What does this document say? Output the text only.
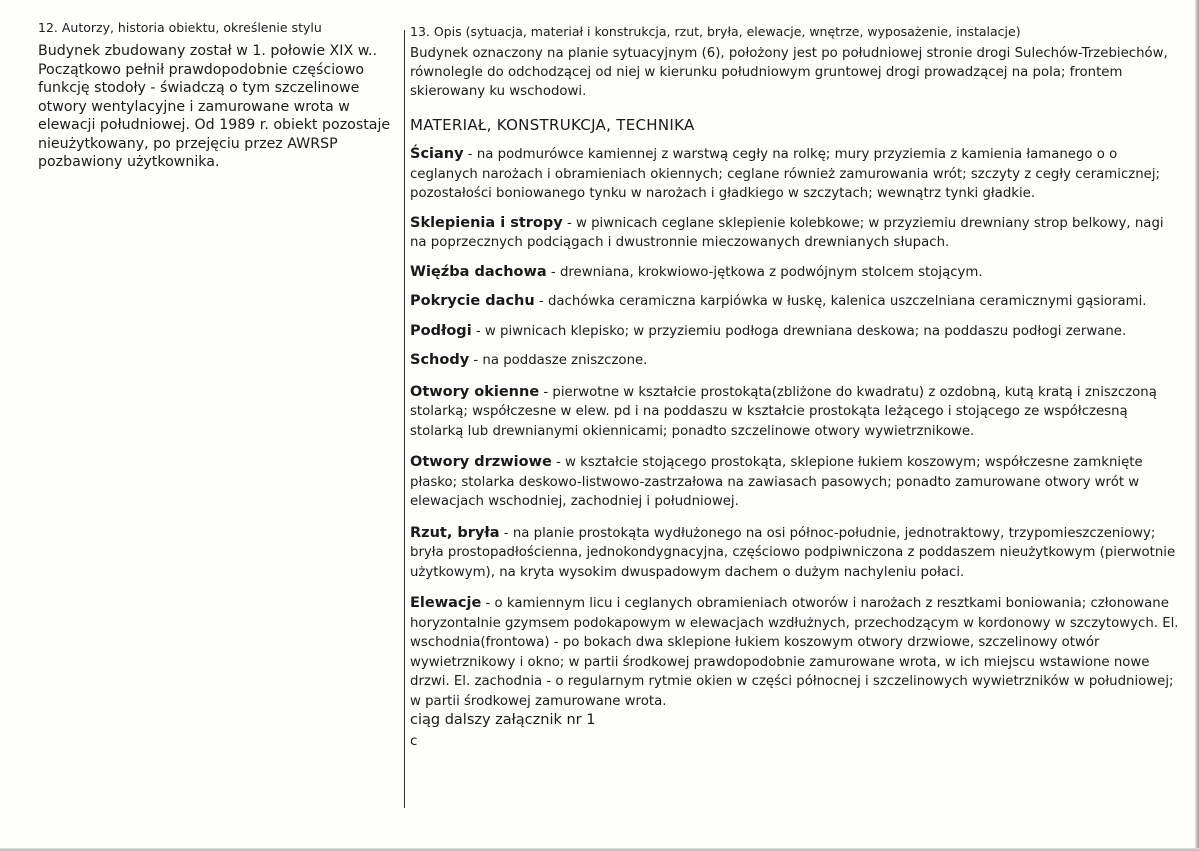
12. Autorzy, historia obiektu, określenie stylu

Budynek zbudowany został w 1. połowie XIX w.. Początkowo pełnił prawdopodobnie częściowo funkcję stodoły - świadczą o tym szczelinowe otwory wentylacyjne i zamurowane wrota w elewacji południowej. Od 1989 r. obiekt pozostaje nieużytkowany, po przejęciu przez AWRSP pozbawiony użytkownika.

13. Opis (sytuacja, materiał i konstrukcja, rzut, bryła, elewacje, wnętrze, wyposażenie, instalacje)

Budynek oznaczony na planie sytuacyjnym (6), położony jest po południowej stronie drogi Sulechów-Trzebiechów, równolegle do odchodzącej od niej w kierunku południowym gruntowej drogi prowadzącej na pola; frontem skierowany ku wschodowi.

MATERIAŁ, KONSTRUKCJA, TECHNIKA

Ściany - na podmurówce kamiennej z warstwą cegły na rolkę; mury przyziemia z kamienia łamanego o o ceglanych narożach i obramieniach okiennych; ceglane również zamurowania wrót; szczyty z cegły ceramicznej; pozostałości boniowanego tynku w narożach i gładkiego w szczytach; wewnątrz tynki gładkie.

Sklepienia i stropy - w piwnicach ceglane sklepienie kolebkowe; w przyziemiu drewniany strop belkowy, nagi na poprzecznych podciągach i dwustronnie mieczowanych drewnianych słupach.

Więźba dachowa - drewniana, krokwiowo-jętkowa z podwójnym stolcem stojącym.

Pokrycie dachu - dachówka ceramiczna karpiówka w łuskę, kalenica uszczelniana ceramicznymi gąsiorami.

Podłogi - w piwnicach klepisko; w przyziemiu podłoga drewniana deskowa; na poddaszu podłogi zerwane.

Schody - na poddasze zniszczone.

Otwory okienne - pierwotne w kształcie prostokąta(zbliżone do kwadratu) z ozdobną, kutą kratą i zniszczoną stolarką; współczesne w elew. pd i na poddaszu w kształcie prostokąta leżącego i stojącego ze współczesną stolarką lub drewnianymi okiennicami; ponadto szczelinowe otwory wywietrznikowe.

Otwory drzwiowe - w kształcie stojącego prostokąta, sklepione łukiem koszowym; współczesne zamknięte płasko; stolarka deskowo-listwowo-zastrzałowa na zawiasach pasowych; ponadto zamurowane otwory wrót w elewacjach wschodniej, zachodniej i południowej.

Rzut, bryła - na planie prostokąta wydłużonego na osi północ-południe, jednotraktowy, trzypomieszczeniowy; bryła prostopadłościenna, jednokondygnacyjna, częściowo podpiwniczona z poddaszem nieużytkowym (pierwotnie użytkowym), na kryta wysokim dwuspadowym dachem o dużym nachyleniu połaci.

Elewacje - o kamiennym licu i ceglanych obramieniach otworów i narożach z resztkami boniowania; członowane horyzontalnie gzymsem podokapowym w elewacjach wzdłużnych, przechodzącym w kordonowy w szczytowych. El. wschodnia(frontowa) - po bokach dwa sklepione łukiem koszowym otwory drzwiowe, szczelinowy otwór wywietrznikowy i okno; w partii środkowej prawdopodobnie zamurowane wrota, w ich miejscu wstawione nowe drzwi. El. zachodnia - o regularnym rytmie okien w części północnej i szczelinowych wywietrzników w południowej; w partii środkowej zamurowane wrota.

ciąg dalszy załącznik nr 1

c
